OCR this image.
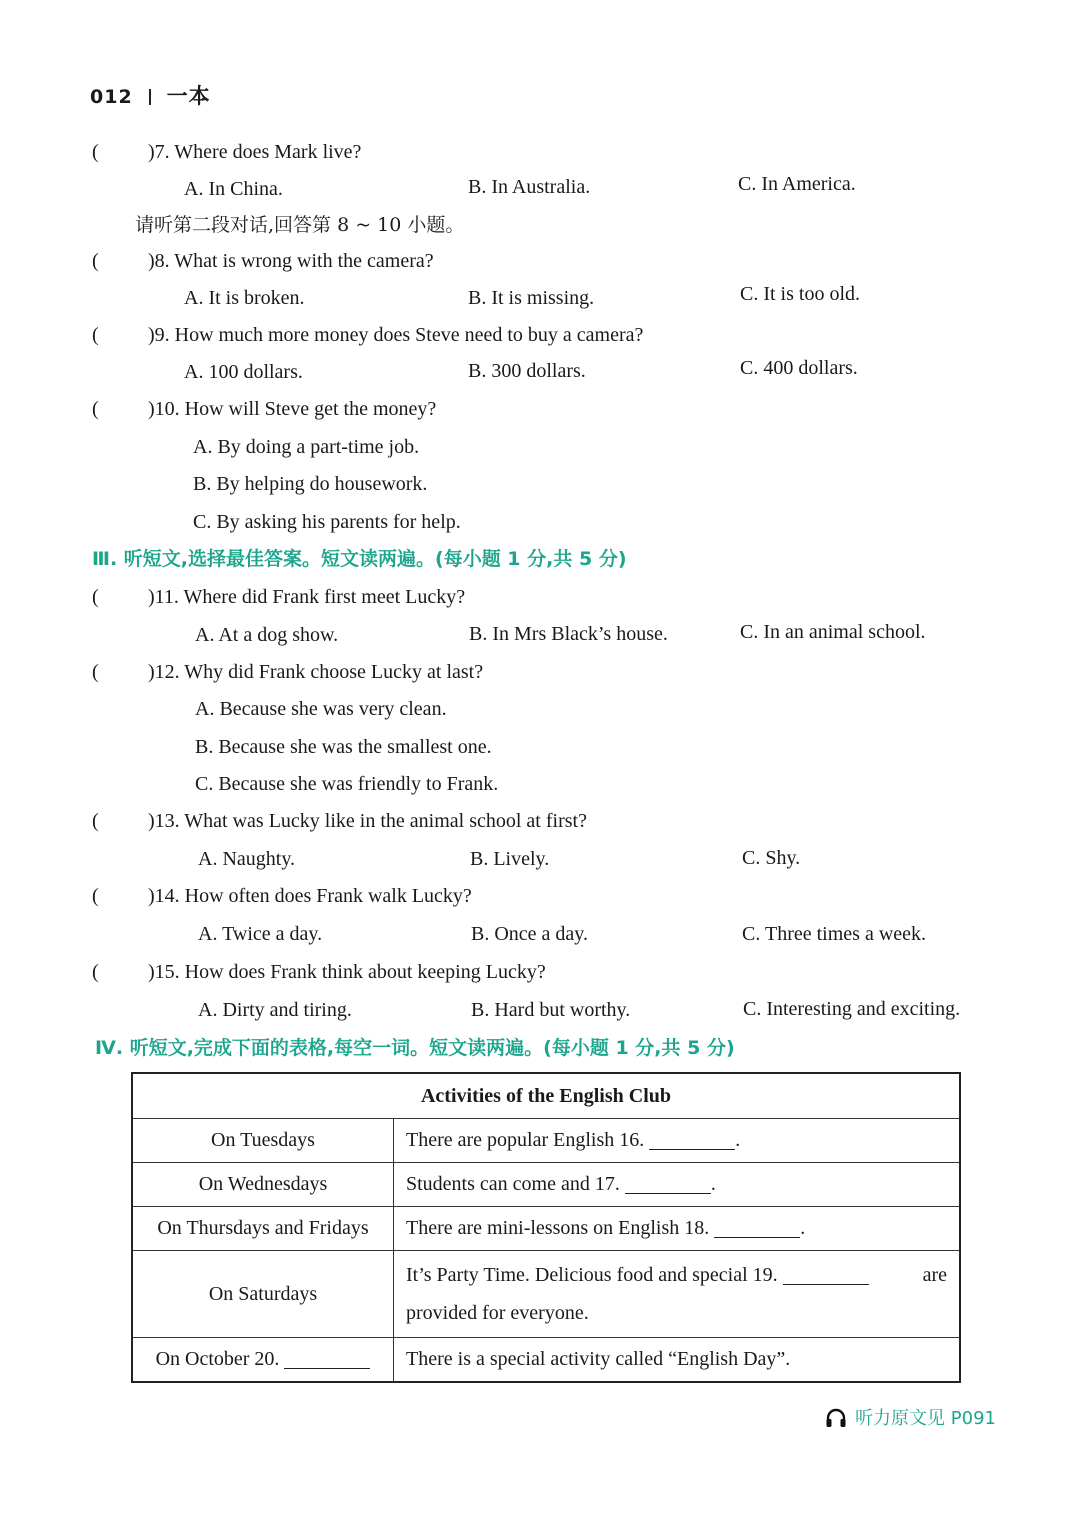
012 一本
( )7. Where does Mark live?
A. In China.	B. In Australia.	C. In America.
请听第二段对话,回答第 8 ~ 10 小题。
( )8. What is wrong with the camera?
A. It is broken.	B. It is missing.	C. It is too old.
( )9. How much more money does Steve need to buy a camera?
A. 100 dollars.	B. 300 dollars.	C. 400 dollars.
( )10. How will Steve get the money?
A. By doing a part-time job.
B. By helping do housework.
C. By asking his parents for help.
Ⅲ. 听短文,选择最佳答案。短文读两遍。(每小题 1 分,共 5 分)
( )11. Where did Frank first meet Lucky?
A. At a dog show.	B. In Mrs Black’s house.	C. In an animal school.
( )12. Why did Frank choose Lucky at last?
A. Because she was very clean.
B. Because she was the smallest one.
C. Because she was friendly to Frank.
( )13. What was Lucky like in the animal school at first?
A. Naughty.	B. Lively.	C. Shy.
( )14. How often does Frank walk Lucky?
A. Twice a day.	B. Once a day.	C. Three times a week.
( )15. How does Frank think about keeping Lucky?
A. Dirty and tiring.	B. Hard but worthy.	C. Interesting and exciting.
Ⅳ. 听短文,完成下面的表格,每空一词。短文读两遍。(每小题 1 分,共 5 分)
Activities of the English Club	
On Tuesdays	There are popular English 16. .
On Wednesdays	Students can come and 17. .
On Thursdays and Fridays	There are mini-lessons on English 18. .
On Saturdays	It’s Party Time. Delicious food and special 19. are
provided for everyone.

On October 20.	There is a special activity called “English Day”.
听力原文见 P091
